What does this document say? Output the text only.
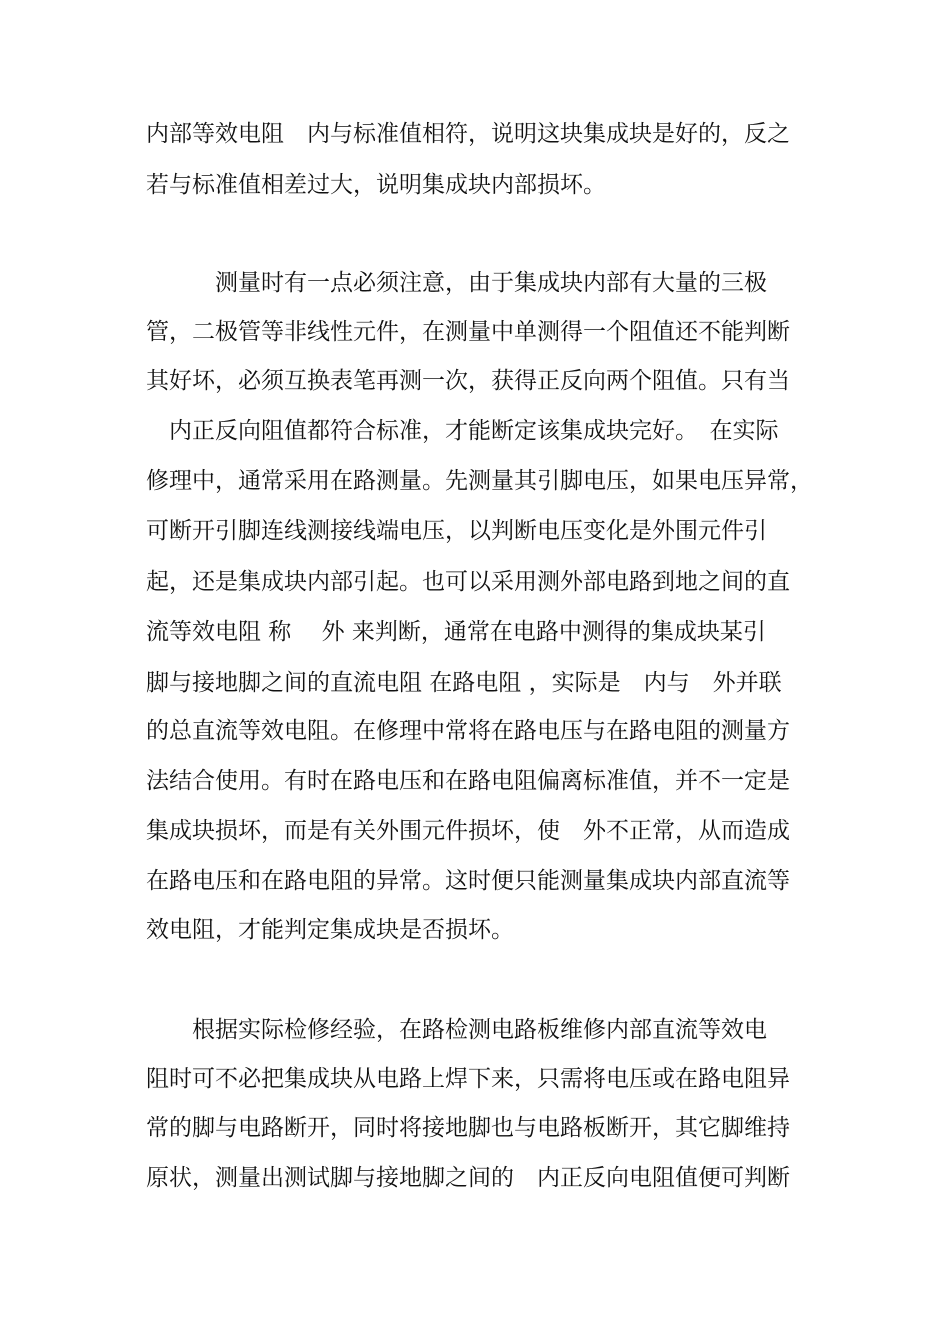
内部等效电阻　内与标准值相符，说明这块集成块是好的，反之

若与标准值相差过大，说明集成块内部损坏。

　　　测量时有一点必须注意，由于集成块内部有大量的三极

管，二极管等非线性元件，在测量中单测得一个阻值还不能判断

其好坏，必须互换表笔再测一次，获得正反向两个阻值。只有当

　内正反向阻值都符合标准，才能断定该集成块完好。　在实际

修理中，通常采用在路测量。先测量其引脚电压，如果电压异常，

可断开引脚连线测接线端电压，以判断电压变化是外围元件引

起，还是集成块内部引起。也可以采用测外部电路到地之间的直

流等效电阻 称　 外 来判断，通常在电路中测得的集成块某引

脚与接地脚之间的直流电阻 在路电阻 ，实际是　内与　外并联

的总直流等效电阻。在修理中常将在路电压与在路电阻的测量方

法结合使用。有时在路电压和在路电阻偏离标准值，并不一定是

集成块损坏，而是有关外围元件损坏，使　外不正常，从而造成

在路电压和在路电阻的异常。这时便只能测量集成块内部直流等

效电阻，才能判定集成块是否损坏。

　　根据实际检修经验，在路检测电路板维修内部直流等效电

阻时可不必把集成块从电路上焊下来，只需将电压或在路电阻异

常的脚与电路断开，同时将接地脚也与电路板断开，其它脚维持

原状，测量出测试脚与接地脚之间的　内正反向电阻值便可判断
